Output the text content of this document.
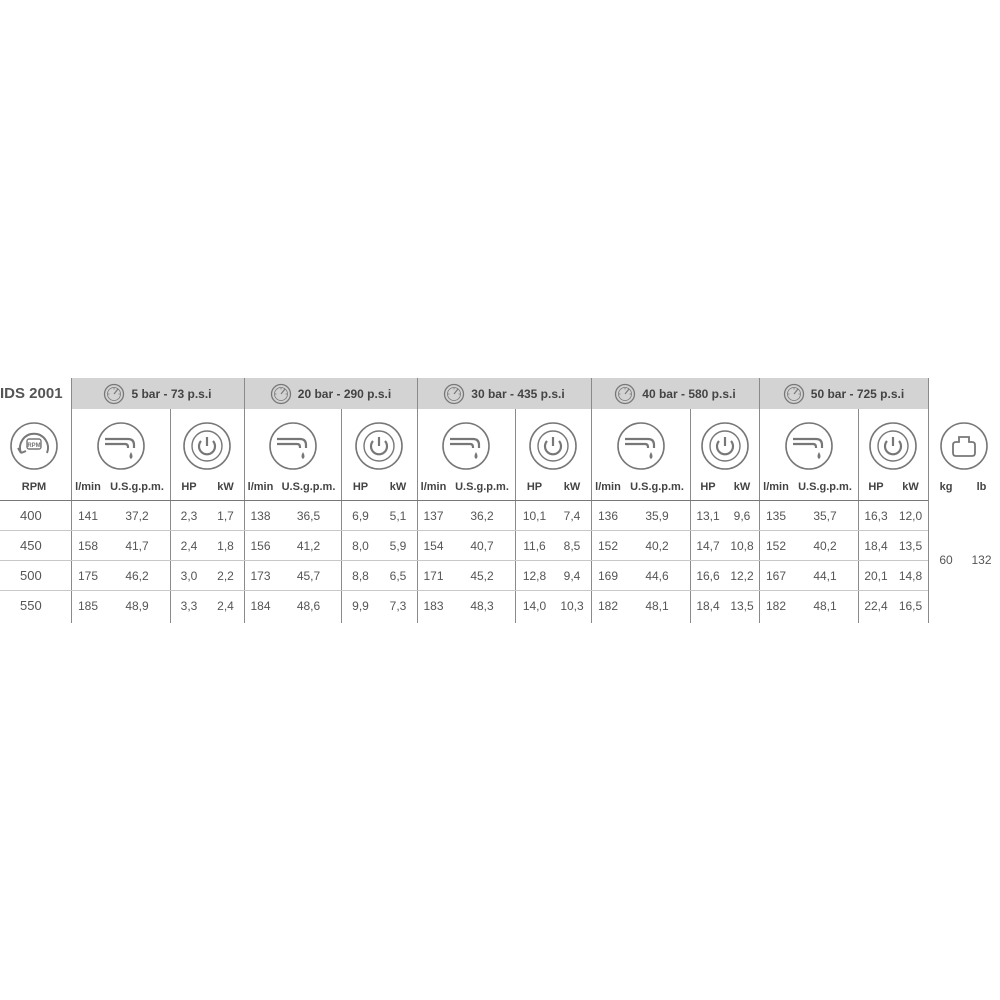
IDS 2001	5 bar - 73 p.s.i	20 bar - 290 p.s.i	30 bar - 435 p.s.i	40 bar - 580 p.s.i	50 bar - 725 p.s.i
RPM
RPM	l/min U.S.g.p.m.	HP	kW	l/min U.S.g.p.m.	HP	kW	l/min U.S.g.p.m.	HP	kW	l/min U.S.g.p.m.	HP	kW	l/min U.S.g.p.m.	HP	kW	kg	lb
400	141	37,2	2,3	1,7	138	36,5	6,9	5,1	137	36,2	10,1	7,4	136	35,9	13,1	9,6	135	35,7	16,3 12,0
450	158	41,7	2,4	1,8	156	41,2	8,0	5,9	154	40,7	11,6	8,5	152	40,2	14,7 10,8	152	40,2	18,4 13,5
500	175	46,2	3,0	2,2	173	45,7	8,8	6,5	171	45,2	12,8	9,4	169	44,6	16,6 12,2	167	44,1	20,1 14,8
550	185	48,9	3,3	2,4	184	48,6	9,9	7,3	183	48,3	14,0	10,3	182	48,1	18,4 13,5	182	48,1	22,4 16,5
60	132
